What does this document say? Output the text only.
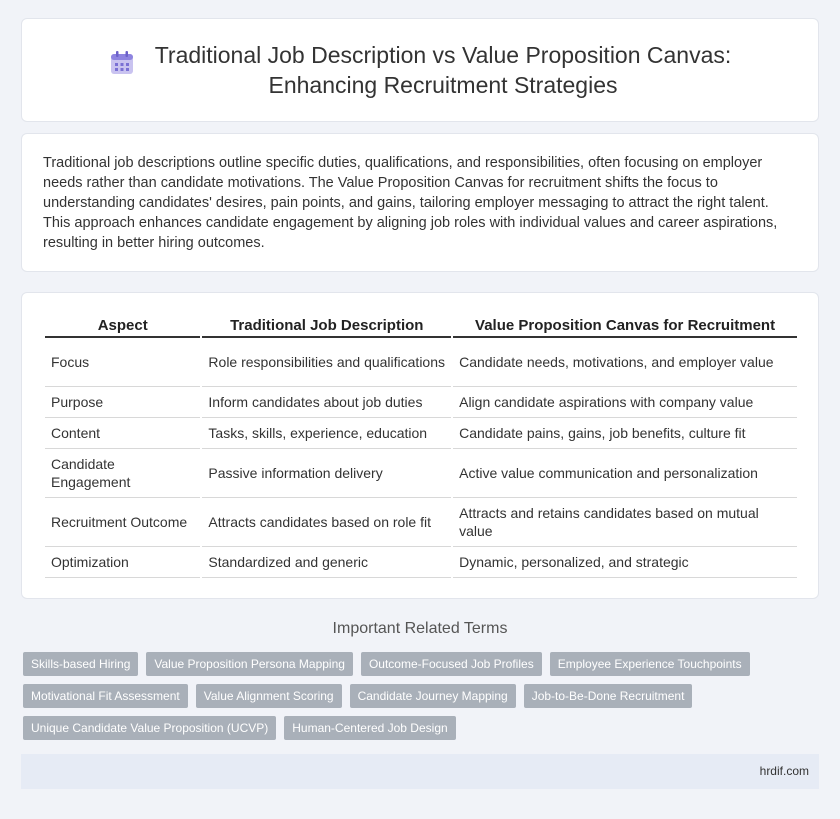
Traditional Job Description vs Value Proposition Canvas:
Enhancing Recruitment Strategies

Traditional job descriptions outline specific duties, qualifications, and responsibilities, often focusing on employer needs rather than candidate motivations. The Value Proposition Canvas for recruitment shifts the focus to understanding candidates' desires, pain points, and gains, tailoring employer messaging to attract the right talent. This approach enhances candidate engagement by aligning job roles with individual values and career aspirations, resulting in better hiring outcomes.

Aspect	Traditional Job Description	Value Proposition Canvas for Recruitment
Focus	Role responsibilities and qualifications	Candidate needs, motivations, and employer value
Purpose	Inform candidates about job duties	Align candidate aspirations with company value
Content	Tasks, skills, experience, education	Candidate pains, gains, job benefits, culture fit
Candidate Engagement	Passive information delivery	Active value communication and personalization
Recruitment Outcome	Attracts candidates based on role fit	Attracts and retains candidates based on mutual value
Optimization	Standardized and generic	Dynamic, personalized, and strategic
Important Related Terms
Skills-based Hiring	Value Proposition Persona Mapping	Outcome-Focused Job Profiles	Employee Experience Touchpoints
Motivational Fit Assessment	Value Alignment Scoring	Candidate Journey Mapping	Job-to-Be-Done Recruitment
Unique Candidate Value Proposition (UCVP)	Human-Centered Job Design
hrdif.com
